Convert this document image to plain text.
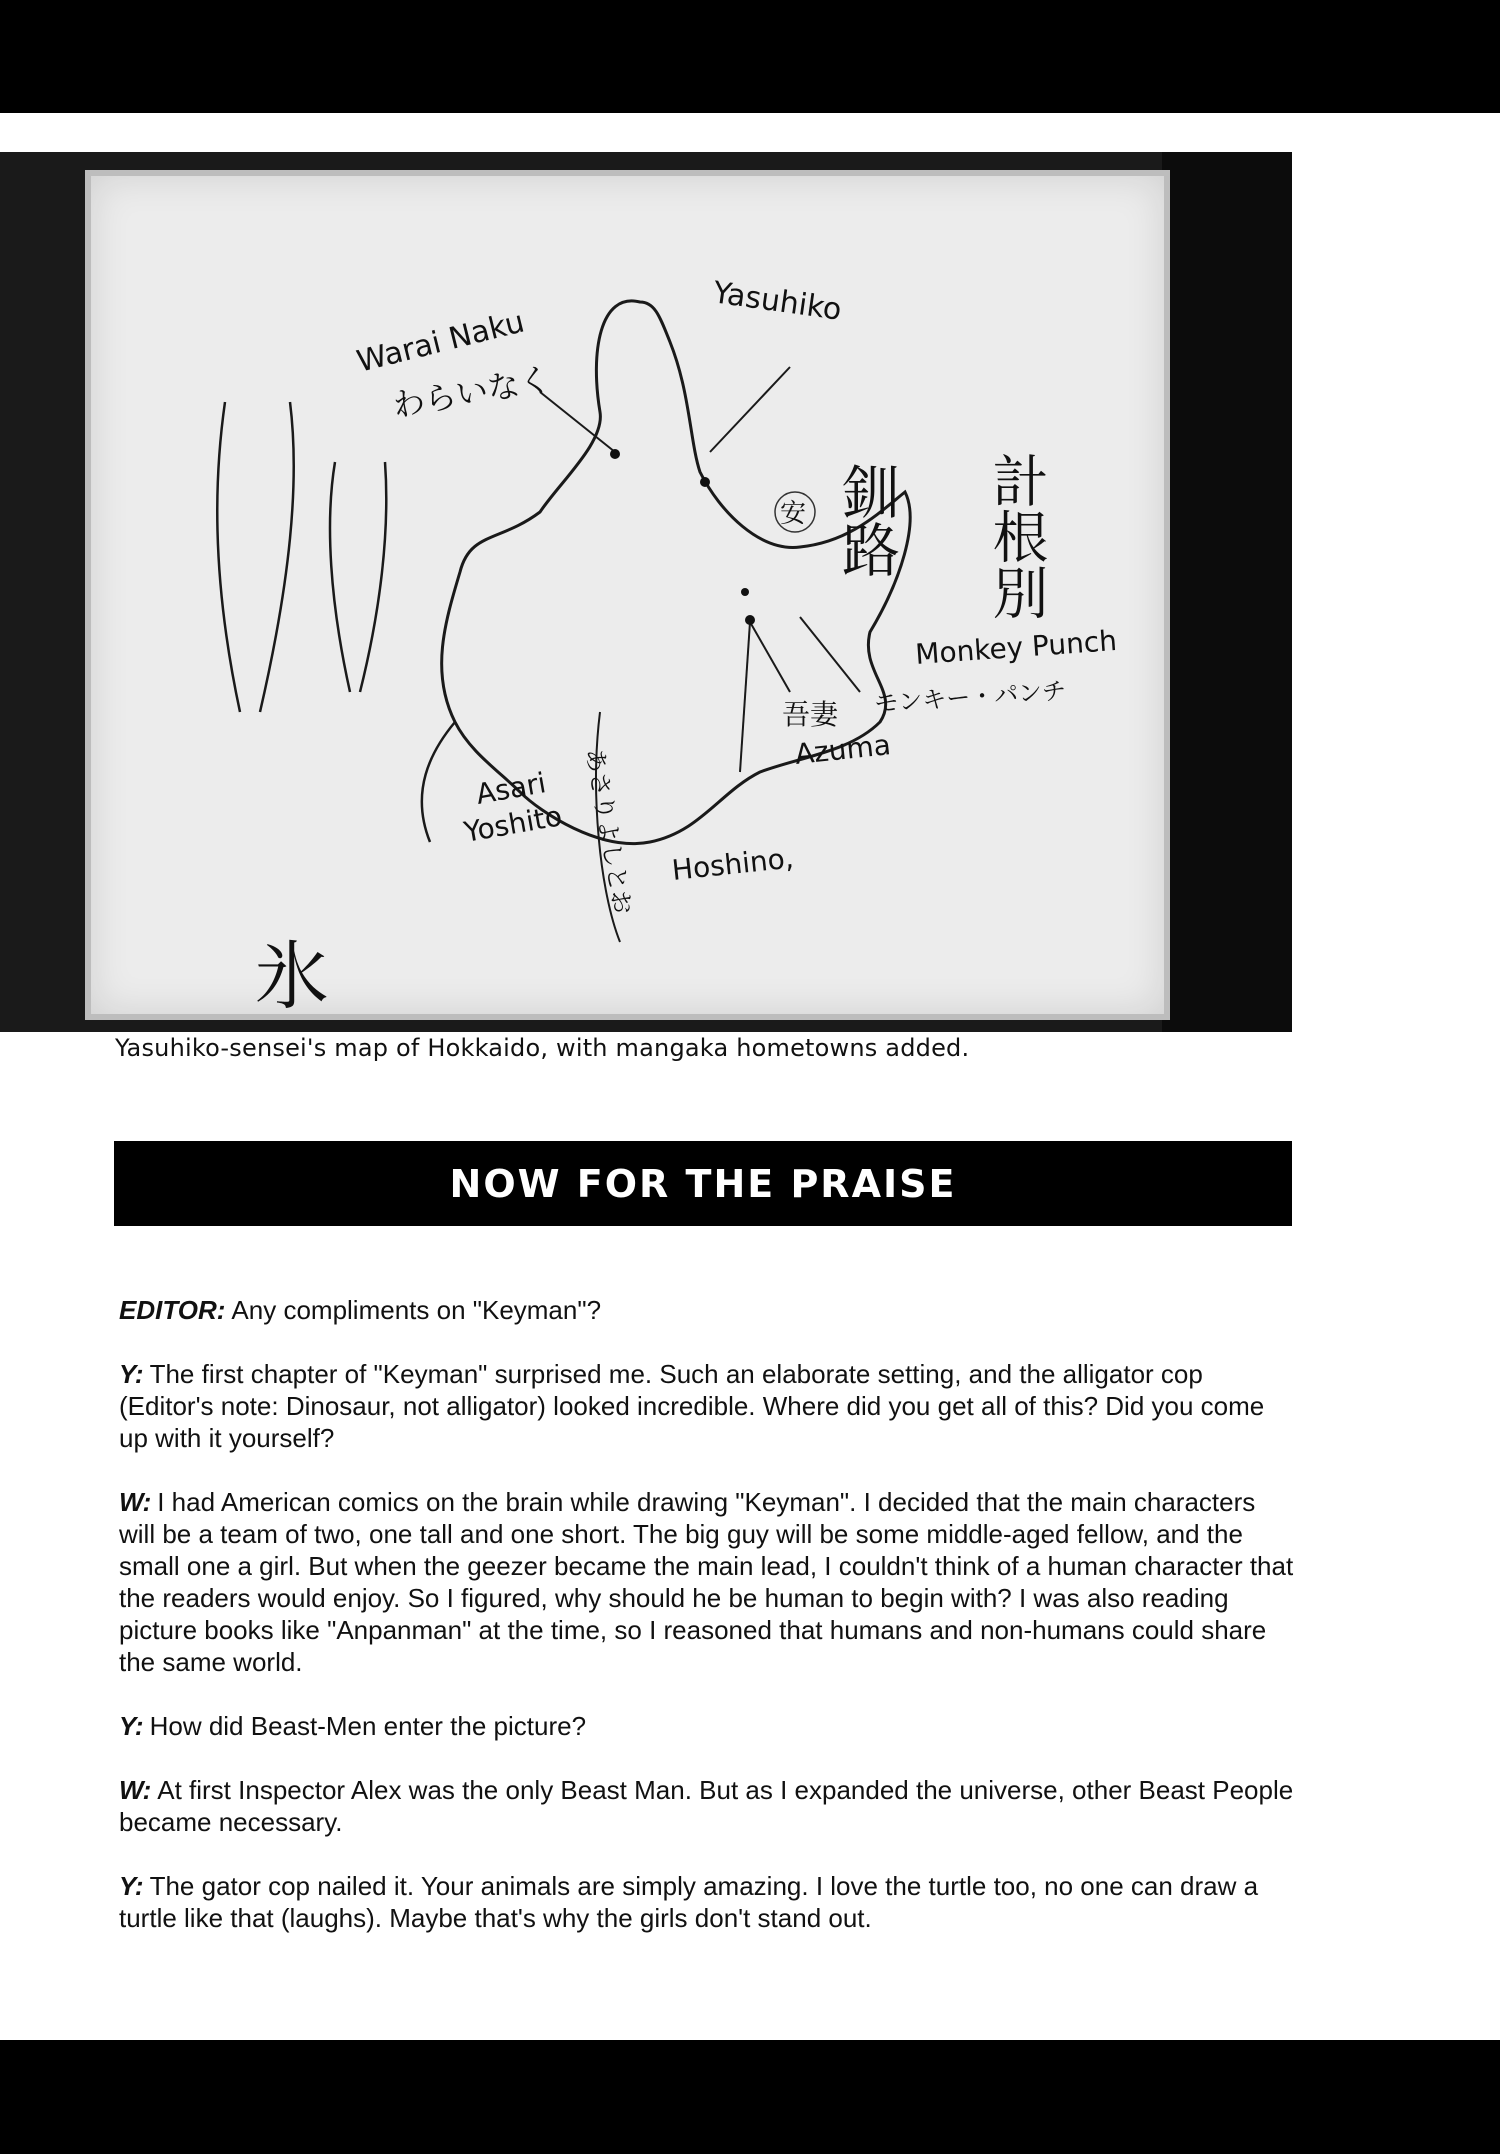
Yasuhiko
Warai Naku
わらいなく
Monkey Punch
モンキー・パンチ
吾妻
Azuma
Asari
Yoshito あさりよしとお Hoshino,
釧路 計根別
氷
安
Yasuhiko-sensei's map of Hokkaido, with mangaka hometowns added.
NOW FOR THE PRAISE

EDITOR: Any compliments on "Keyman"?

Y: The first chapter of "Keyman" surprised me. Such an elaborate setting, and the alligator cop (Editor's note: Dinosaur, not alligator) looked incredible. Where did you get all of this? Did you come up with it yourself?

W: I had American comics on the brain while drawing "Keyman". I decided that the main characters will be a team of two, one tall and one short. The big guy will be some middle-aged fellow, and the small one a girl. But when the geezer became the main lead, I couldn't think of a human character that the readers would enjoy. So I figured, why should he be human to begin with? I was also reading picture books like "Anpanman" at the time, so I reasoned that humans and non-humans could share the same world.

Y: How did Beast-Men enter the picture?

W: At first Inspector Alex was the only Beast Man. But as I expanded the universe, other Beast People became necessary.

Y: The gator cop nailed it. Your animals are simply amazing. I love the turtle too, no one can draw a turtle like that (laughs). Maybe that's why the girls don't stand out.
